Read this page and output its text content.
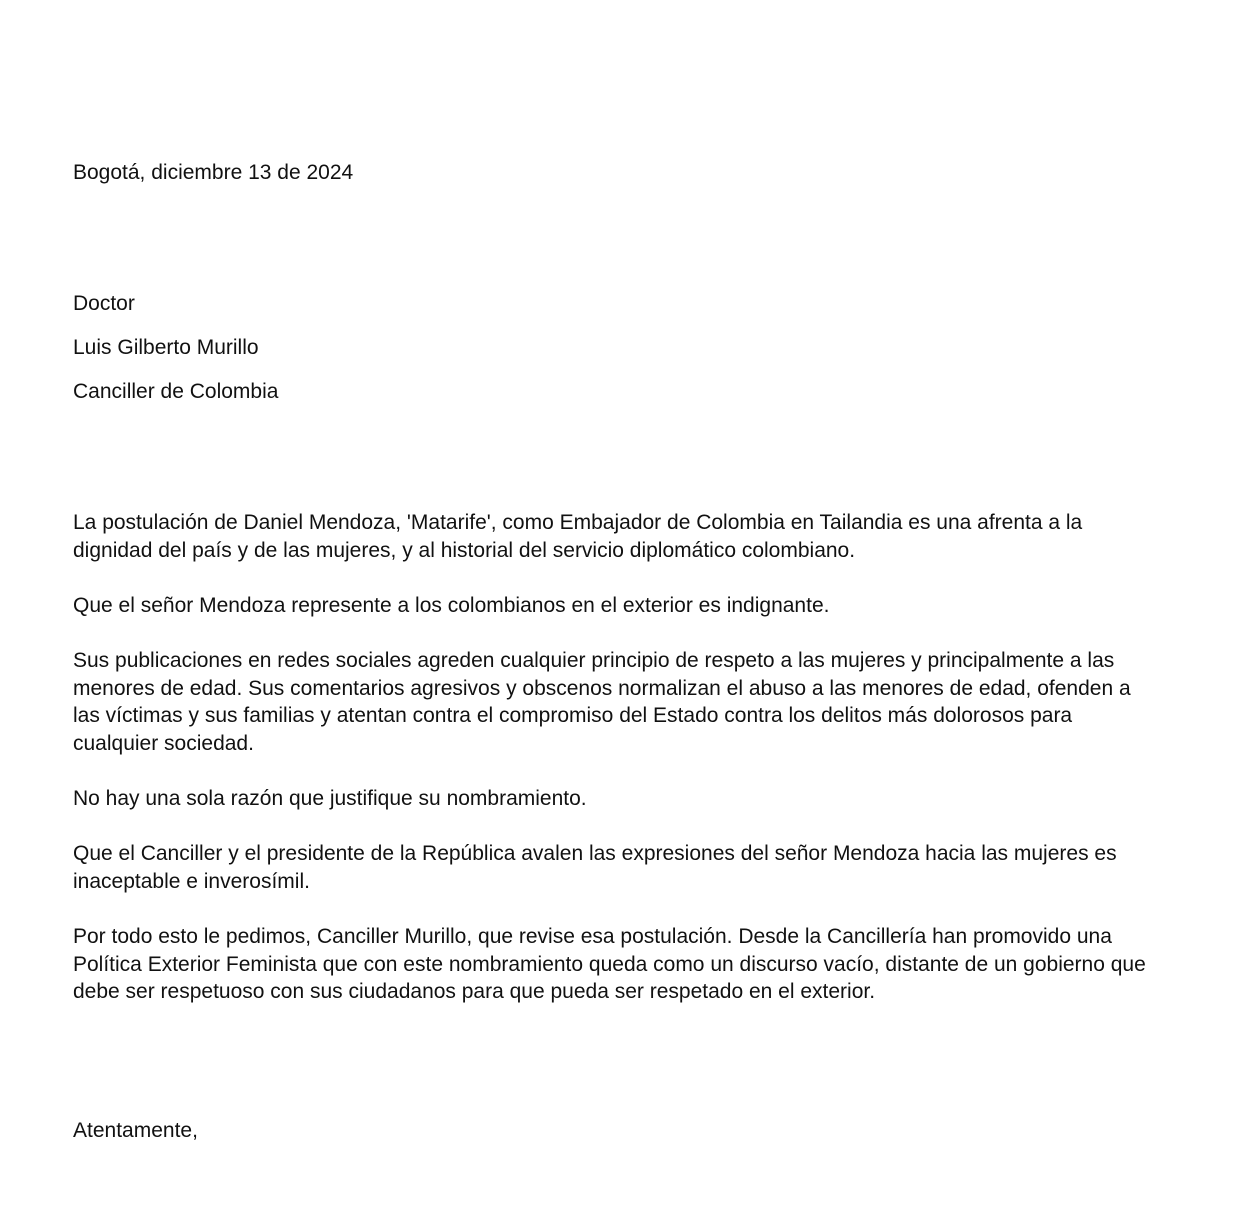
Bogotá, diciembre 13 de 2024
Doctor
Luis Gilberto Murillo
Canciller de Colombia

La postulación de Daniel Mendoza, 'Matarife', como Embajador de Colombia en Tailandia es una afrenta a la dignidad del país y de las mujeres, y al historial del servicio diplomático colombiano.

Que el señor Mendoza represente a los colombianos en el exterior es indignante.

Sus publicaciones en redes sociales agreden cualquier principio de respeto a las mujeres y principalmente a las menores de edad. Sus comentarios agresivos y obscenos normalizan el abuso a las menores de edad, ofenden a las víctimas y sus familias y atentan contra el compromiso del Estado contra los delitos más dolorosos para cualquier sociedad.

No hay una sola razón que justifique su nombramiento.

Que el Canciller y el presidente de la República avalen las expresiones del señor Mendoza hacia las mujeres es inaceptable e inverosímil.

Por todo esto le pedimos, Canciller Murillo, que revise esa postulación. Desde la Cancillería han promovido una Política Exterior Feminista que con este nombramiento queda como un discurso vacío, distante de un gobierno que debe ser respetuoso con sus ciudadanos para que pueda ser respetado en el exterior.

Atentamente,
